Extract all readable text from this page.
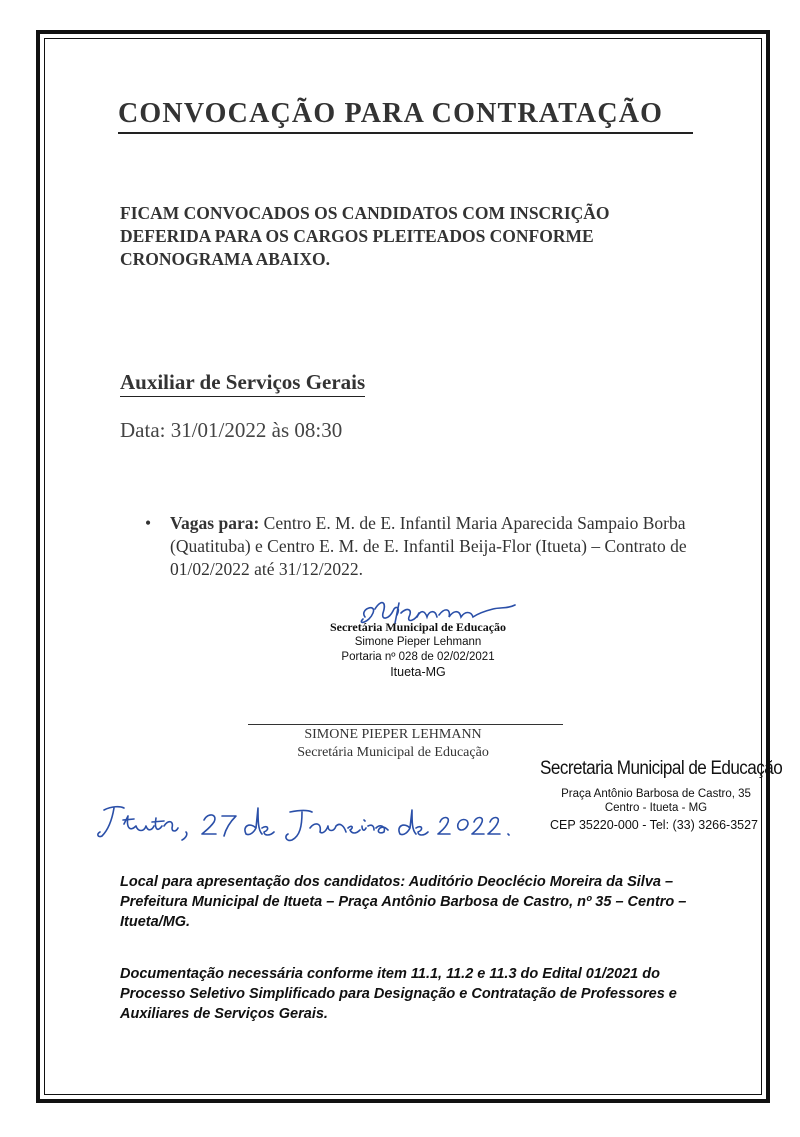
CONVOCAÇÃO PARA CONTRATAÇÃO
FICAM CONVOCADOS OS CANDIDATOS COM INSCRIÇÃO DEFERIDA PARA OS CARGOS PLEITEADOS CONFORME CRONOGRAMA ABAIXO.
Auxiliar de Serviços Gerais
Data: 31/01/2022 às 08:30
•	Vagas para: Centro E. M. de E. Infantil Maria Aparecida Sampaio Borba (Quatituba) e Centro E. M. de E. Infantil Beija-Flor (Itueta) – Contrato de 01/02/2022 até 31/12/2022.
Secretária Municipal de Educação
Simone Pieper Lehmann
Portaria nº 028 de 02/02/2021
Itueta-MG
SIMONE PIEPER LEHMANN
Secretária Municipal de Educação
Secretaria Municipal de Educação
Praça Antônio Barbosa de Castro, 35
Centro - Itueta - MG
CEP 35220-000 - Tel: (33) 3266-3527
Local para apresentação dos candidatos: Auditório Deoclécio Moreira da Silva – Prefeitura Municipal de Itueta – Praça Antônio Barbosa de Castro, nº 35 – Centro – Itueta/MG.
Documentação necessária conforme item 11.1, 11.2 e 11.3 do Edital 01/2021 do Processo Seletivo Simplificado para Designação e Contratação de Professores e Auxiliares de Serviços Gerais.
